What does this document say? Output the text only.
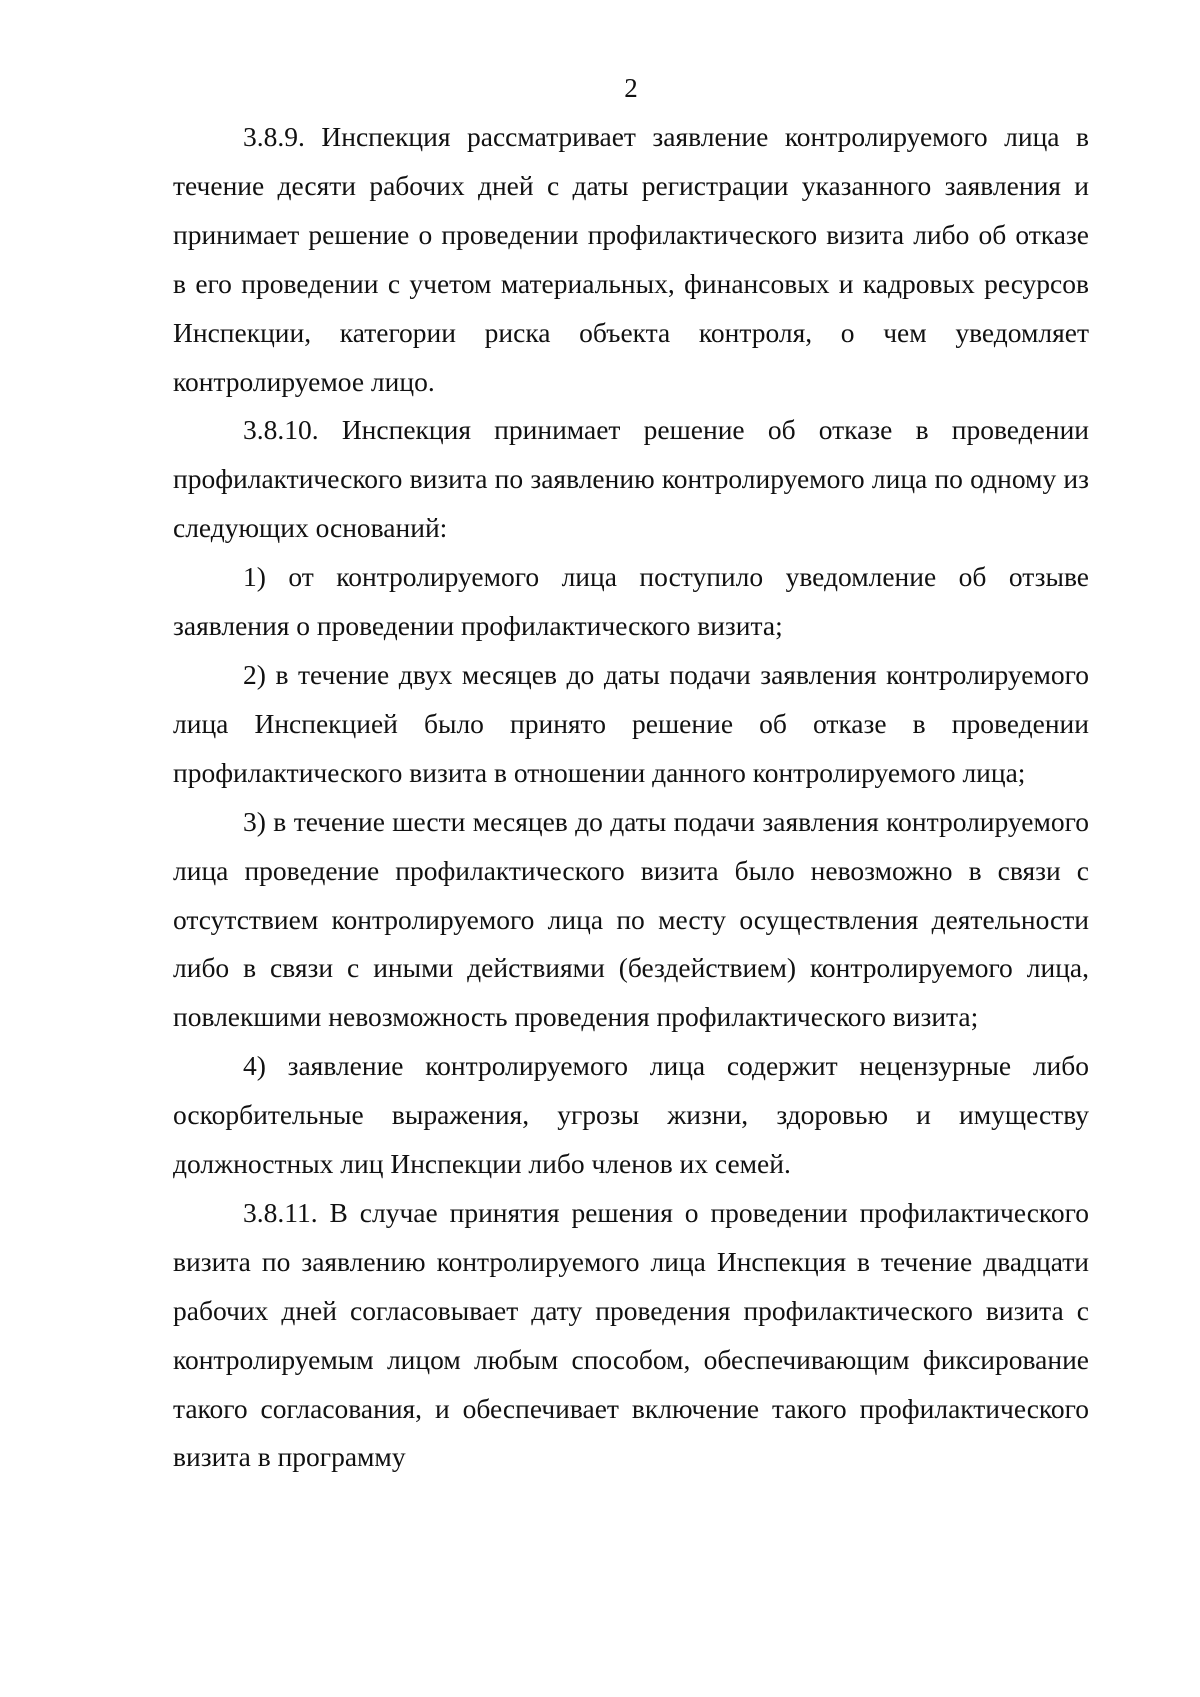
2

3.8.9. Инспекция рассматривает заявление контролируемого лица в течение десяти рабочих дней с даты регистрации указанного заявления и принимает решение о проведении профилактического визита либо об отказе в его проведении с учетом материальных, финансовых и кадровых ресурсов Инспекции, категории риска объекта контроля, о чем уведомляет контролируемое лицо.

3.8.10. Инспекция принимает решение об отказе в проведении профилактического визита по заявлению контролируемого лица по одному из следующих оснований:

1) от контролируемого лица поступило уведомление об отзыве заявления о проведении профилактического визита;

2) в течение двух месяцев до даты подачи заявления контролируемого лица Инспекцией было принято решение об отказе в проведении профилактического визита в отношении данного контролируемого лица;

3) в течение шести месяцев до даты подачи заявления контролируемого лица проведение профилактического визита было невозможно в связи с отсутствием контролируемого лица по месту осуществления деятельности либо в связи с иными действиями (бездействием) контролируемого лица, повлекшими невозможность проведения профилактического визита;

4) заявление контролируемого лица содержит нецензурные либо оскорбительные выражения, угрозы жизни, здоровью и имуществу должностных лиц Инспекции либо членов их семей.

3.8.11. В случае принятия решения о проведении профилактического визита по заявлению контролируемого лица Инспекция в течение двадцати рабочих дней согласовывает дату проведения профилактического визита с контролируемым лицом любым способом, обеспечивающим фиксирование такого согласования, и обеспечивает включение такого профилактического визита в программу
